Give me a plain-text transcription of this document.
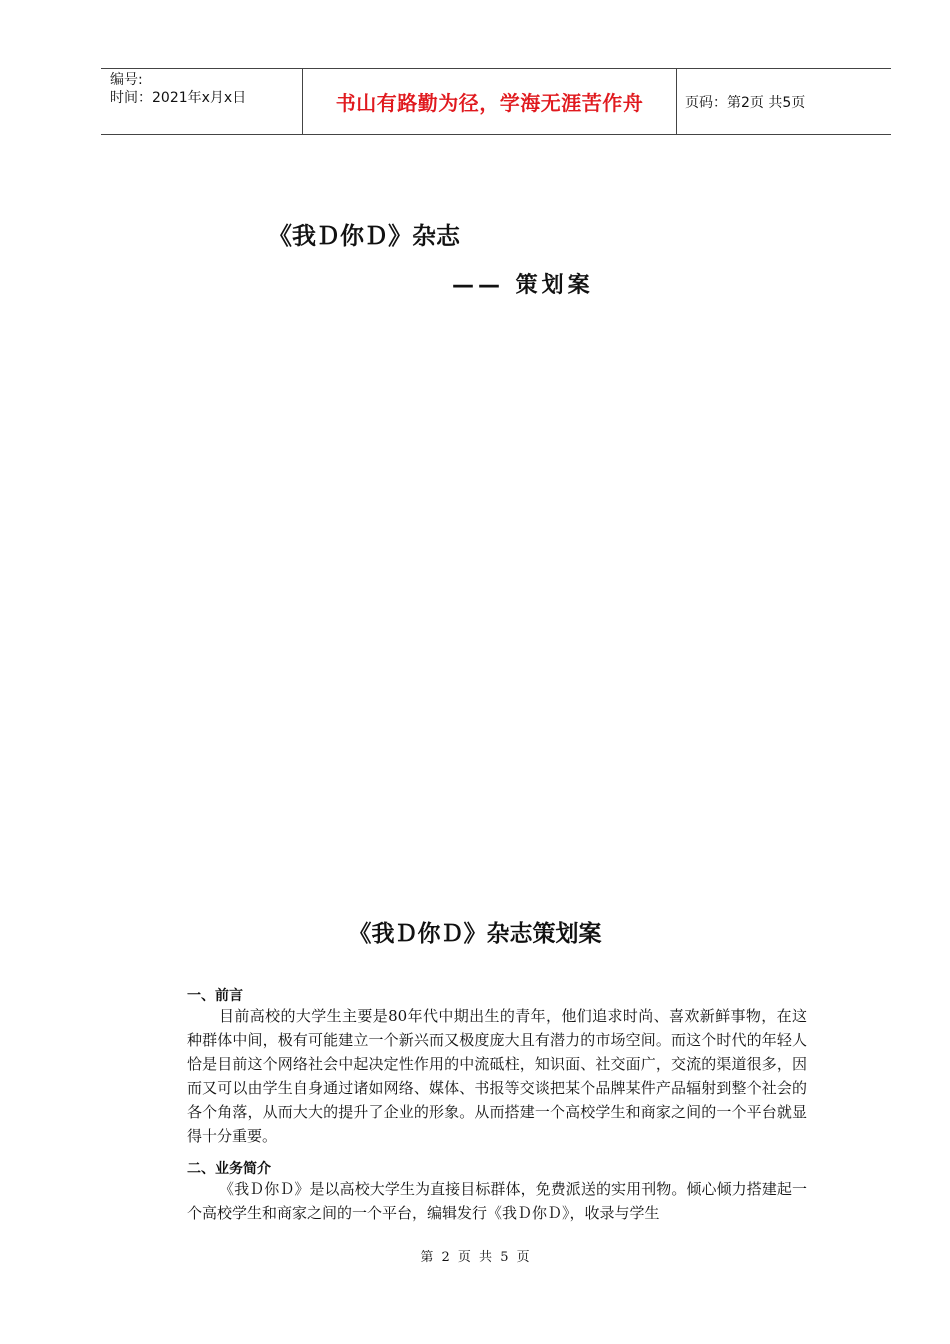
编号:
时间：2021年x月x日	书山有路勤为径，学海无涯苦作舟	页码：第2页 共5页
《我Ｄ你Ｄ》杂志
—— 策划案
《我Ｄ你Ｄ》杂志策划案
一、前言

目前高校的大学生主要是80年代中期出生的青年，他们追求时尚、喜欢新鲜事物，在这种群体中间，极有可能建立一个新兴而又极度庞大且有潜力的市场空间。而这个时代的年轻人恰是目前这个网络社会中起决定性作用的中流砥柱，知识面、社交面广，交流的渠道很多，因而又可以由学生自身通过诸如网络、媒体、书报等交谈把某个品牌某件产品辐射到整个社会的各个角落，从而大大的提升了企业的形象。从而搭建一个高校学生和商家之间的一个平台就显得十分重要。

二、业务简介

《我Ｄ你Ｄ》是以高校大学生为直接目标群体，免费派送的实用刊物。倾心倾力搭建起一个高校学生和商家之间的一个平台，编辑发行《我Ｄ你Ｄ》，收录与学生

第 2 页 共 5 页
